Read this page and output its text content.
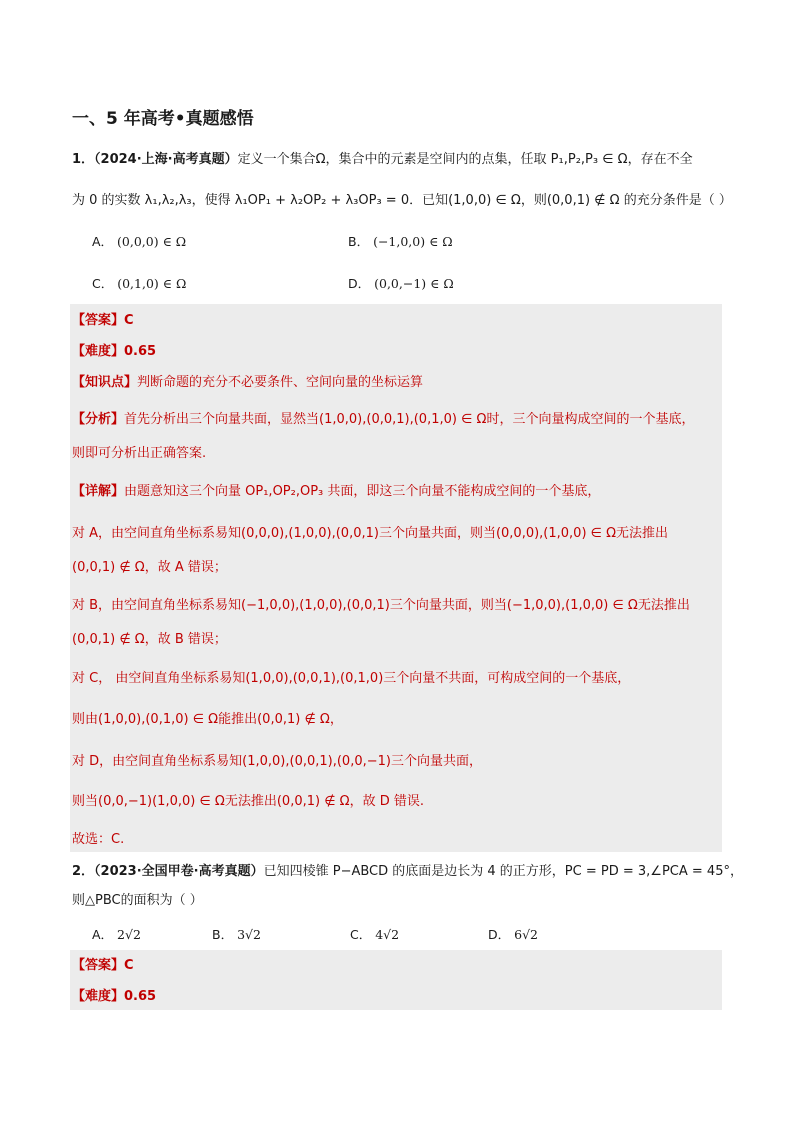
一、5 年高考•真题感悟
1．（2024·上海·高考真题）定义一个集合Ω，集合中的元素是空间内的点集，任取 P₁,P₂,P₃ ∈ Ω，存在不全
为 0 的实数 λ₁,λ₂,λ₃，使得 λ₁OP₁ + λ₂OP₂ + λ₃OP₃ = 0．已知(1,0,0) ∈ Ω，则(0,0,1) ∉ Ω 的充分条件是（ ）
A． (0,0,0) ∈ Ω	B． (−1,0,0) ∈ Ω
C． (0,1,0) ∈ Ω	D． (0,0,−1) ∈ Ω
【答案】C
【难度】0.65
【知识点】判断命题的充分不必要条件、空间向量的坐标运算
【分析】首先分析出三个向量共面，显然当(1,0,0),(0,0,1),(0,1,0) ∈ Ω时，三个向量构成空间的一个基底，
则即可分析出正确答案.
【详解】由题意知这三个向量 OP₁,OP₂,OP₃ 共面，即这三个向量不能构成空间的一个基底，
对 A，由空间直角坐标系易知(0,0,0),(1,0,0),(0,0,1)三个向量共面，则当(0,0,0),(1,0,0) ∈ Ω无法推出
(0,0,1) ∉ Ω，故 A 错误；
对 B，由空间直角坐标系易知(−1,0,0),(1,0,0),(0,0,1)三个向量共面，则当(−1,0,0),(1,0,0) ∈ Ω无法推出
(0,0,1) ∉ Ω，故 B 错误；
对 C， 由空间直角坐标系易知(1,0,0),(0,0,1),(0,1,0)三个向量不共面，可构成空间的一个基底，
则由(1,0,0),(0,1,0) ∈ Ω能推出(0,0,1) ∉ Ω，
对 D，由空间直角坐标系易知(1,0,0),(0,0,1),(0,0,−1)三个向量共面，
则当(0,0,−1)(1,0,0) ∈ Ω无法推出(0,0,1) ∉ Ω，故 D 错误.
故选：C.
2．（2023·全国甲卷·高考真题）已知四棱锥 P−ABCD 的底面是边长为 4 的正方形，PC = PD = 3,∠PCA = 45°，
则△PBC的面积为（ ）
A． 2√2	B． 3√2	C． 4√2	D． 6√2
【答案】C
【难度】0.65
